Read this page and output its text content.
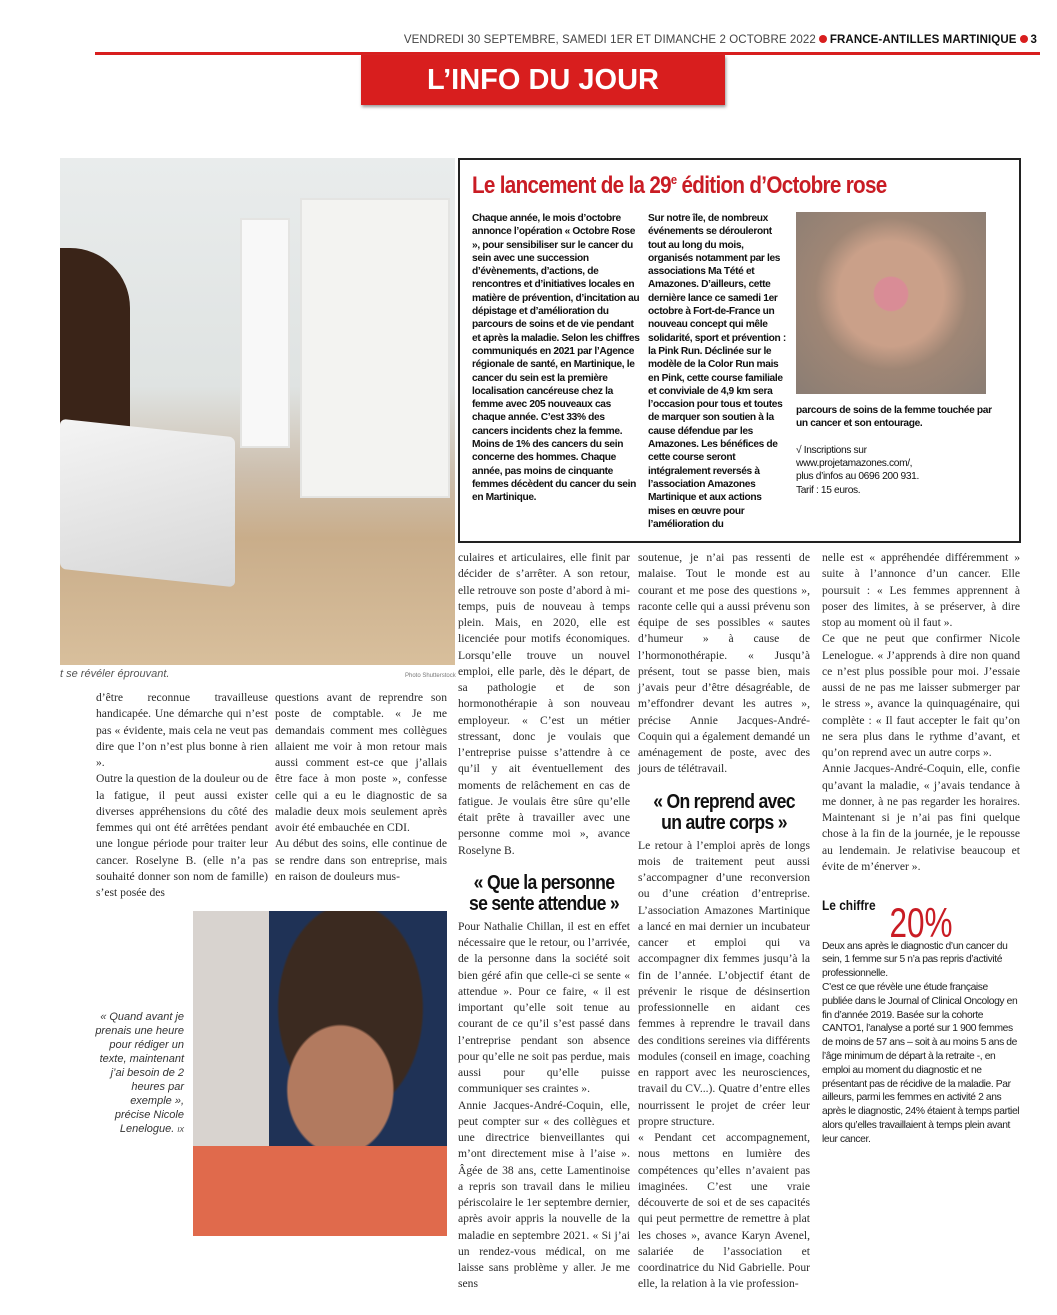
VENDREDI 30 SEPTEMBRE, SAMEDI 1ER ET DIMANCHE 2 OCTOBRE 2022 FRANCE-ANTILLES MARTINIQUE 3
L’INFO DU JOUR
t se révéler éprouvant.	Photo Shutterstock
Le lancement de la 29e édition d’Octobre rose
Chaque année, le mois d’octobre annonce l’opération « Octobre Rose », pour sensibiliser sur le cancer du sein avec une succession d’évènements, d’actions, de rencontres et d’initiatives locales en matière de prévention, d’incitation au dépistage et d’amélioration du parcours de soins et de vie pendant et après la maladie. Selon les chiffres communiqués en 2021 par l’Agence régionale de santé, en Martinique, le cancer du sein est la première localisation cancéreuse chez la femme avec 205 nouveaux cas chaque année. C’est 33% des cancers incidents chez la femme. Moins de 1% des cancers du sein concerne des hommes. Chaque année, pas moins de cinquante femmes décèdent du cancer du sein en Martinique.
Sur notre île, de nombreux événements se dérouleront tout au long du mois, organisés notamment par les associations Ma Tété et Amazones. D’ailleurs, cette dernière lance ce samedi 1er octobre à Fort-de-France un nouveau concept qui mêle solidarité, sport et prévention : la Pink Run. Déclinée sur le modèle de la Color Run mais en Pink, cette course familiale et conviviale de 4,9 km sera l’occasion pour tous et toutes de marquer son soutien à la cause défendue par les Amazones. Les bénéfices de cette course seront intégralement reversés à l’association Amazones Martinique et aux actions mises en œuvre pour l’amélioration du

parcours de soins de la femme touchée par un cancer et son entourage.

√ Inscriptions sur

www.projetamazones.com/,

plus d’infos au 0696 200 931.

Tarif : 15 euros.

culaires et articulaires, elle finit par décider de s’arrêter. A son retour, elle retrouve son poste d’abord à mi-temps, puis de nouveau à temps plein. Mais, en 2020, elle est licenciée pour motifs économiques. Lorsqu’elle trouve un nouvel emploi, elle parle, dès le départ, de sa pathologie et de son hormonothérapie à son nouveau employeur. « C’est un métier stressant, donc je voulais que l’entreprise puisse s’attendre à ce qu’il y ait éventuellement des moments de relâchement en cas de fatigue. Je voulais être sûre qu’elle était prête à travailler avec une personne comme moi », avance Roselyne B.

« Que la personne se sente attendue »

Pour Nathalie Chillan, il est en effet nécessaire que le retour, ou l’arrivée, de la personne dans la société soit bien géré afin que celle-ci se sente « attendue ». Pour ce faire, « il est important qu’elle soit tenue au courant de ce qu’il s’est passé dans l’entreprise pendant son absence pour qu’elle ne soit pas perdue, mais aussi pour qu’elle puisse communiquer ses craintes ».

Annie Jacques-André-Coquin, elle, peut compter sur « des collègues et une directrice bienveillantes qui m’ont directement mise à l’aise ». Âgée de 38 ans, cette Lamentinoise a repris son travail dans le milieu périscolaire le 1er septembre dernier, après avoir appris la nouvelle de la maladie en septembre 2021. « Si j’ai un rendez-vous médical, on me laisse sans problème y aller. Je me sens

soutenue, je n’ai pas ressenti de malaise. Tout le monde est au courant et me pose des questions », raconte celle qui a aussi prévenu son équipe de ses possibles « sautes d’humeur » à cause de l’hormonothérapie. « Jusqu’à présent, tout se passe bien, mais j’avais peur d’être désagréable, de m’effondrer devant les autres », précise Annie Jacques-André-Coquin qui a également demandé un aménagement de poste, avec des jours de télétravail.

« On reprend avec un autre corps »

Le retour à l’emploi après de longs mois de traitement peut aussi s’accompagner d’une reconversion ou d’une création d’entreprise. L’association Amazones Martinique a lancé en mai dernier un incubateur cancer et emploi qui va accompagner dix femmes jusqu’à la fin de l’année. L’objectif étant de prévenir le risque de désinsertion professionnelle en aidant ces femmes à reprendre le travail dans des conditions sereines via différents modules (conseil en image, coaching en rapport avec les neurosciences, travail du CV...). Quatre d’entre elles nourrissent le projet de créer leur propre structure.

« Pendant cet accompagnement, nous mettons en lumière des compétences qu’elles n’avaient pas imaginées. C’est une vraie découverte de soi et de ses capacités qui peut permettre de remettre à plat les choses », avance Karyn Avenel, salariée de l’association et coordinatrice du Nid Gabrielle. Pour elle, la relation à la vie profession-

nelle est « appréhendée différemment » suite à l’annonce d’un cancer. Elle poursuit : « Les femmes apprennent à poser des limites, à se préserver, à dire stop au moment où il faut ».

Ce que ne peut que confirmer Nicole Lenelogue. « J’apprends à dire non quand ce n’est plus possible pour moi. J’essaie aussi de ne pas me laisser submerger par le stress », avance la quinquagénaire, qui complète : « Il faut accepter le fait qu’on ne sera plus dans le rythme d’avant, et qu’on reprend avec un autre corps ».

Annie Jacques-André-Coquin, elle, confie qu’avant la maladie, « j’avais tendance à me donner, à ne pas regarder les horaires. Maintenant si je n’ai pas fini quelque chose à la fin de la journée, je le repousse au lendemain. Je relativise beaucoup et évite de m’énerver ».

Le chiffre 20%

Deux ans après le diagnostic d’un cancer du sein, 1 femme sur 5 n’a pas repris d’activité professionnelle.

C’est ce que révèle une étude française publiée dans le Journal of Clinical Oncology en fin d’année 2019. Basée sur la cohorte CANTO1, l’analyse a porté sur 1 900 femmes de moins de 57 ans – soit à au moins 5 ans de l’âge minimum de départ à la retraite -, en emploi au moment du diagnostic et ne présentant pas de récidive de la maladie. Par ailleurs, parmi les femmes en activité 2 ans après le diagnostic, 24% étaient à temps partiel alors qu’elles travaillaient à temps plein avant leur cancer.

d’être reconnue travailleuse handicapée. Une démarche qui n’est pas « évidente, mais cela ne veut pas dire que l’on n’est plus bonne à rien ».

Outre la question de la douleur ou de la fatigue, il peut aussi exister diverses appréhensions du côté des femmes qui ont été arrêtées pendant une longue période pour traiter leur cancer. Roselyne B. (elle n’a pas souhaité donner son nom de famille) s’est posée des

questions avant de reprendre son poste de comptable. « Je me demandais comment mes collègues allaient me voir à mon retour mais aussi comment est-ce que j’allais être face à mon poste », confesse celle qui a eu le diagnostic de sa maladie deux mois seulement après avoir été embauchée en CDI.

Au début des soins, elle continue de se rendre dans son entreprise, mais en raison de douleurs mus-

« Quand avant je prenais une heure pour rédiger un texte, maintenant j’ai besoin de 2 heures par exemple », précise Nicole Lenelogue. IX
